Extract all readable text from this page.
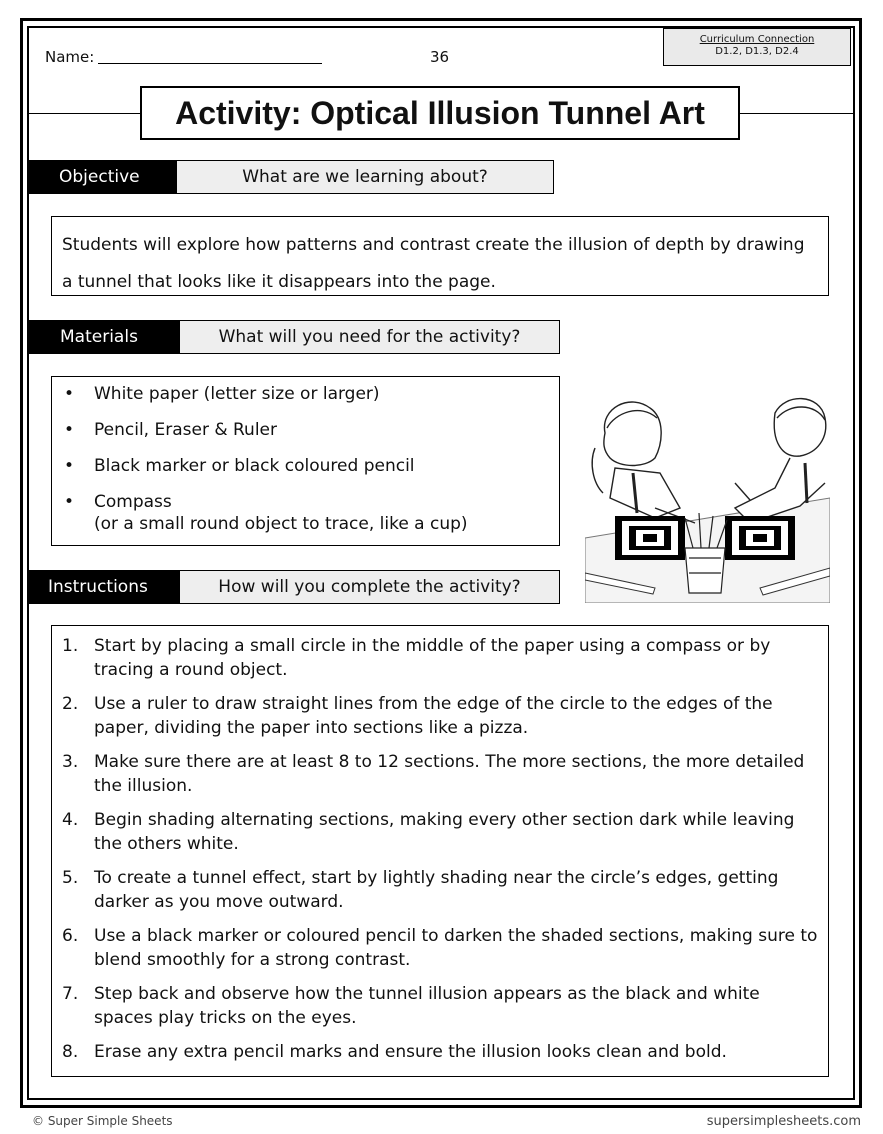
Name:	36
Curriculum Connection
D1.2, D1.3, D2.4
Activity: Optical Illusion Tunnel Art
Objective	What are we learning about?
Students will explore how patterns and contrast create the illusion of depth by drawing a tunnel that looks like it disappears into the page.
Materials	What will you need for the activity?
• White paper (letter size or larger)
• Pencil, Eraser & Ruler
• Black marker or black coloured pencil
• Compass
(or a small round object to trace, like a cup)
Instructions	How will you complete the activity?
1. Start by placing a small circle in the middle of the paper using a compass or by tracing a round object.
2. Use a ruler to draw straight lines from the edge of the circle to the edges of the paper, dividing the paper into sections like a pizza.
3. Make sure there are at least 8 to 12 sections. The more sections, the more detailed the illusion.
4. Begin shading alternating sections, making every other section dark while leaving the others white.
5. To create a tunnel effect, start by lightly shading near the circle’s edges, getting darker as you move outward.
6. Use a black marker or coloured pencil to darken the shaded sections, making sure to blend smoothly for a strong contrast.
7. Step back and observe how the tunnel illusion appears as the black and white spaces play tricks on the eyes.
8. Erase any extra pencil marks and ensure the illusion looks clean and bold.
© Super Simple Sheets	supersimplesheets.com
